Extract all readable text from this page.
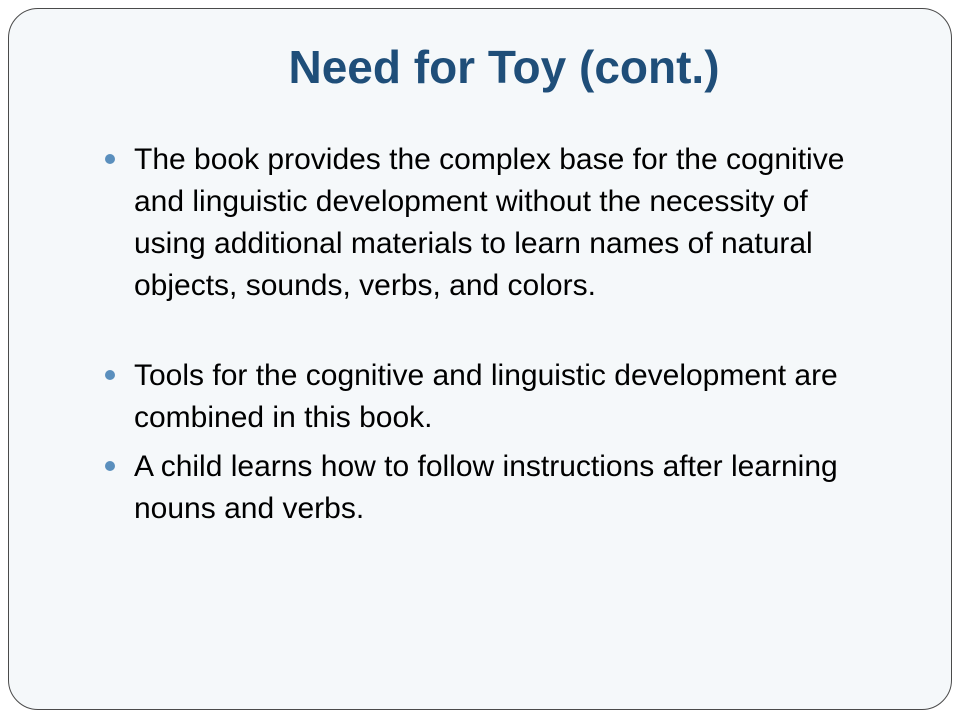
Need for Toy (cont.)
The book provides the complex base for the cognitive and linguistic development without the necessity of using additional materials to learn names of natural objects, sounds, verbs, and colors.
Tools for the cognitive and linguistic development are combined in this book.
A child learns how to follow instructions after learning nouns and verbs.
